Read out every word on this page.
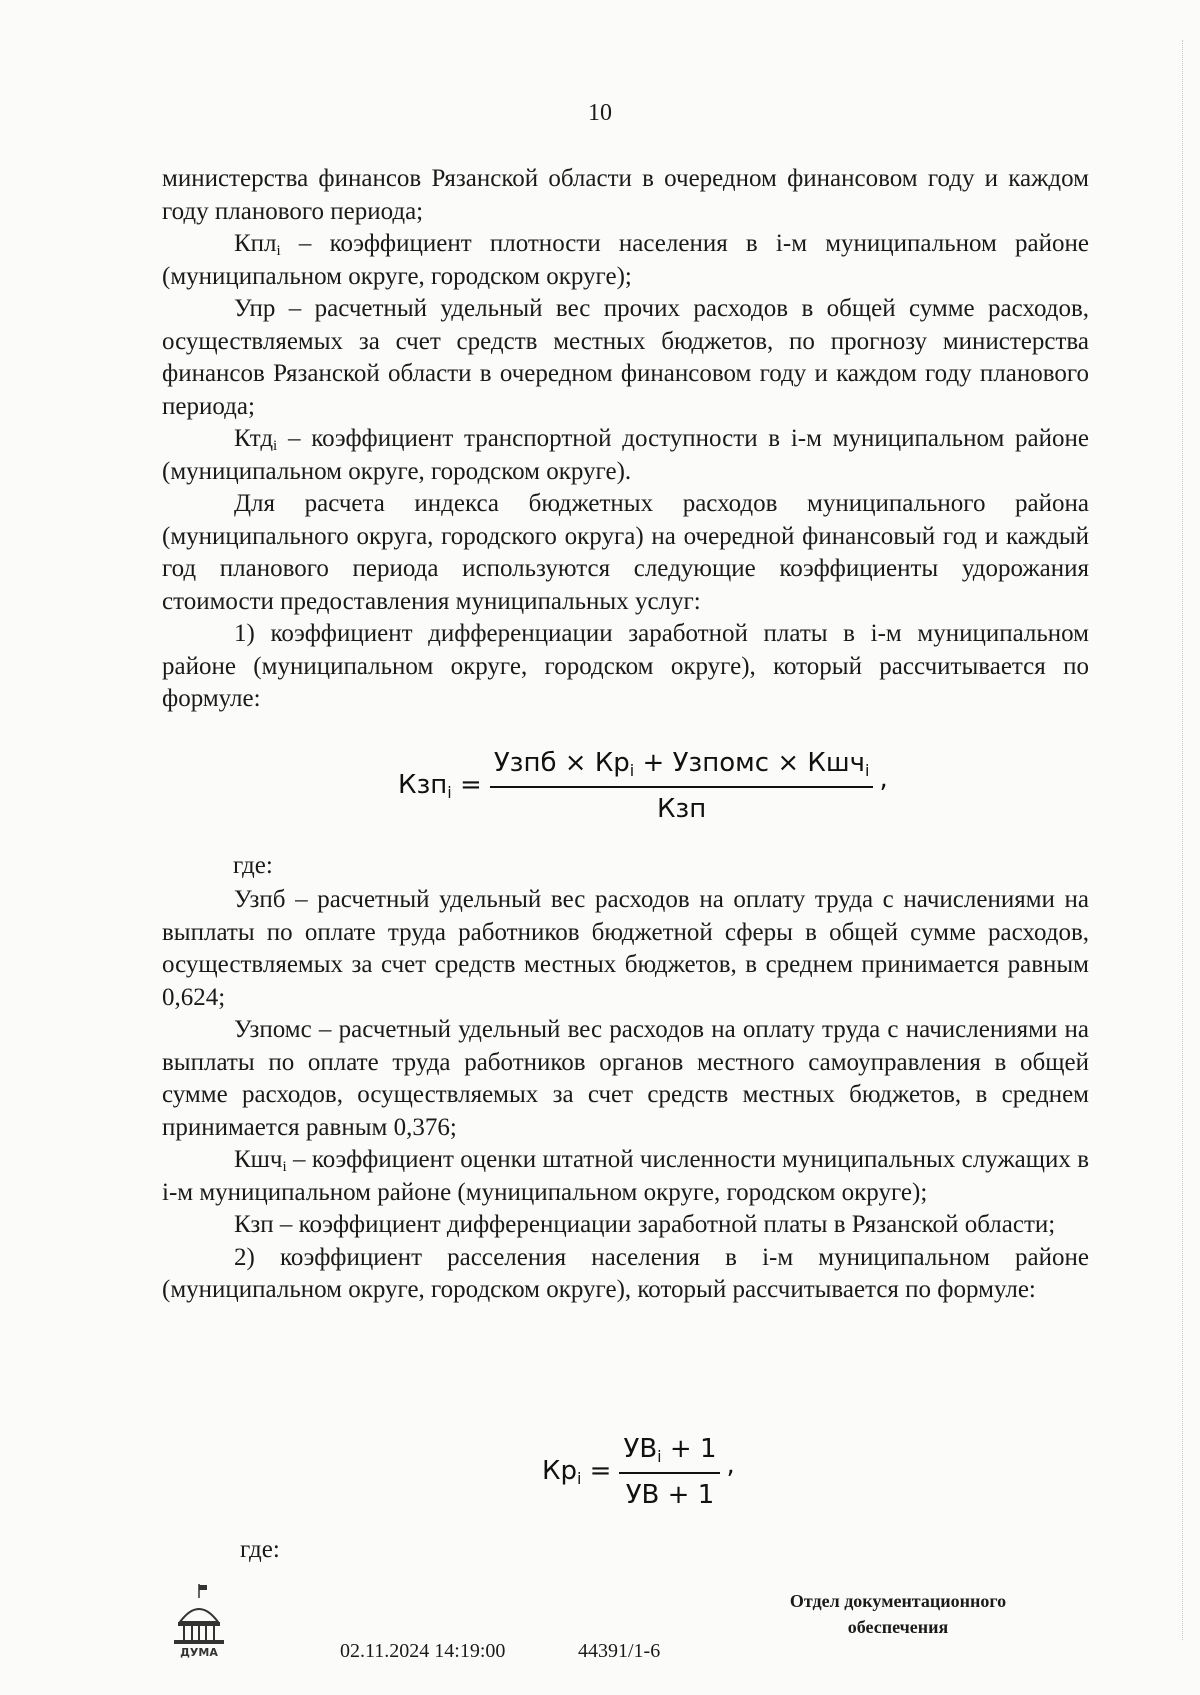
10

министерства финансов Рязанской области в очередном финансовом году и каждом году планового периода;

Кпл$_i$ – коэффициент плотности населения в i-м муниципальном районе (муниципальном округе, городском округе);

Упр – расчетный удельный вес прочих расходов в общей сумме расходов, осуществляемых за счет средств местных бюджетов, по прогнозу министерства финансов Рязанской области в очередном финансовом году и каждом году планового периода;

Ктд$_i$ – коэффициент транспортной доступности в i-м муниципальном районе (муниципальном округе, городском округе).

Для расчета индекса бюджетных расходов муниципального района (муниципального округа, городского округа) на очередной финансовый год и каждый год планового периода используются следующие коэффициенты удорожания стоимости предоставления муниципальных услуг:

1) коэффициент дифференциации заработной платы в i-м муниципальном районе (муниципальном округе, городском округе), который рассчитывается по формуле:

Кзпi = $\frac{\text{Узпб × Крi + Узпомс × Кшчi}}{\text{Кзп}}$ ,
где:

Узпб – расчетный удельный вес расходов на оплату труда с начислениями на выплаты по оплате труда работников бюджетной сферы в общей сумме расходов, осуществляемых за счет средств местных бюджетов, в среднем принимается равным 0,624;

Узпомс – расчетный удельный вес расходов на оплату труда с начислениями на выплаты по оплате труда работников органов местного самоуправления в общей сумме расходов, осуществляемых за счет средств местных бюджетов, в среднем принимается равным 0,376;

Кшч$_i$ – коэффициент оценки штатной численности муниципальных служащих в i-м муниципальном районе (муниципальном округе, городском округе);

Кзп – коэффициент дифференциации заработной платы в Рязанской области;

2) коэффициент расселения населения в i-м муниципальном районе (муниципальном округе, городском округе), который рассчитывается по формуле:

Крi = $\frac{\text{УВi + 1}}{УВ + 1}$ ,
где:
ДУМА	02.11.2024 14:19:00	44391/1-6
Отдел документационного
обеспечения
